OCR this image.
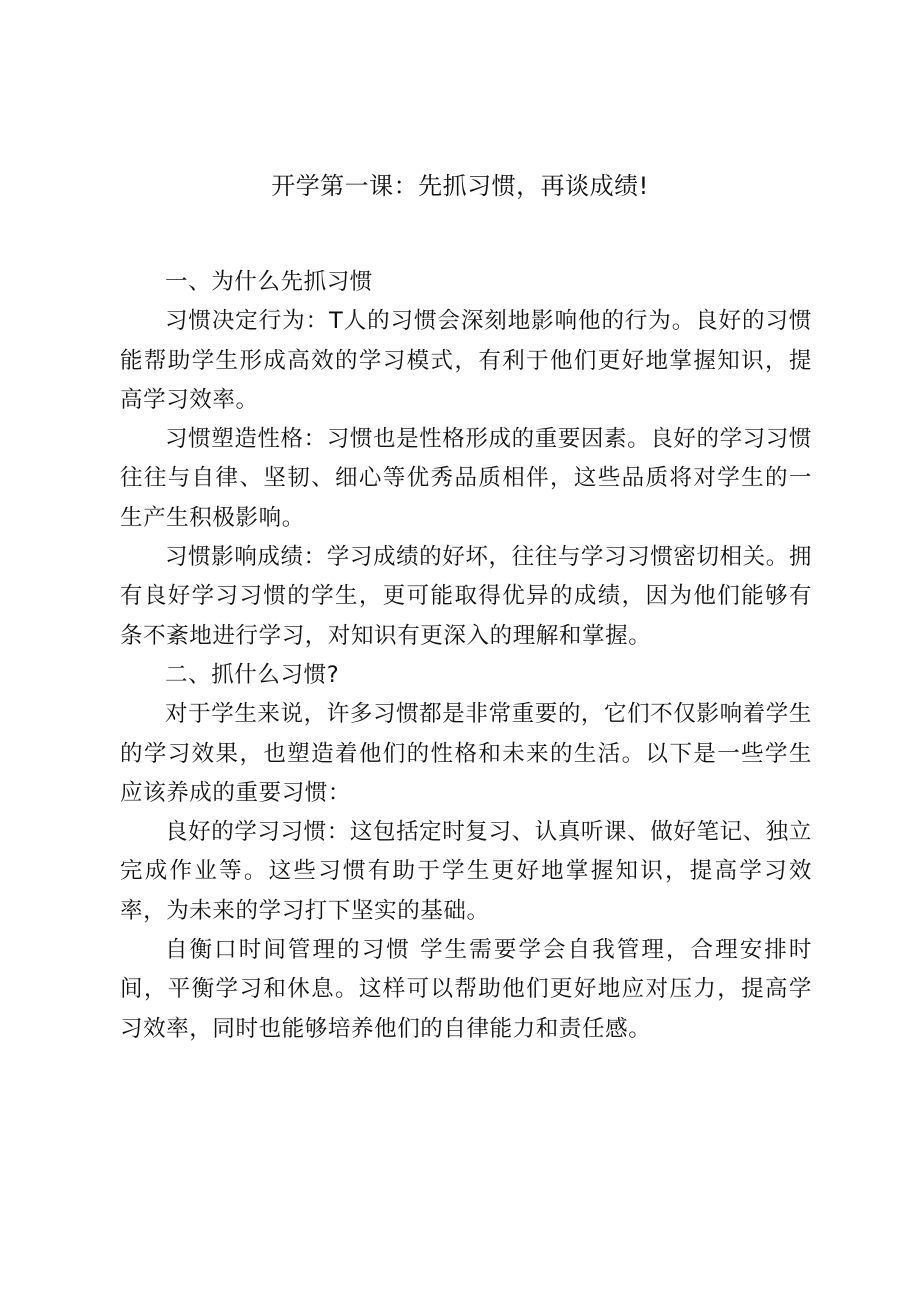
开学第一课：先抓习惯，再谈成绩!

一、为什么先抓习惯

习惯决定行为：T人的习惯会深刻地影响他的行为。良好的习惯能帮助学生形成高效的学习模式，有利于他们更好地掌握知识，提高学习效率。

习惯塑造性格：习惯也是性格形成的重要因素。良好的学习习惯往往与自律、坚韧、细心等优秀品质相伴，这些品质将对学生的一生产生积极影响。

习惯影响成绩：学习成绩的好坏，往往与学习习惯密切相关。拥有良好学习习惯的学生，更可能取得优异的成绩，因为他们能够有条不紊地进行学习，对知识有更深入的理解和掌握。

二、抓什么习惯?

对于学生来说，许多习惯都是非常重要的，它们不仅影响着学生的学习效果，也塑造着他们的性格和未来的生活。以下是一些学生应该养成的重要习惯：

良好的学习习惯：这包括定时复习、认真听课、做好笔记、独立完成作业等。这些习惯有助于学生更好地掌握知识，提高学习效率，为未来的学习打下坚实的基础。

自衡口时间管理的习惯 学生需要学会自我管理，合理安排时间，平衡学习和休息。这样可以帮助他们更好地应对压力，提高学习效率，同时也能够培养他们的自律能力和责任感。
